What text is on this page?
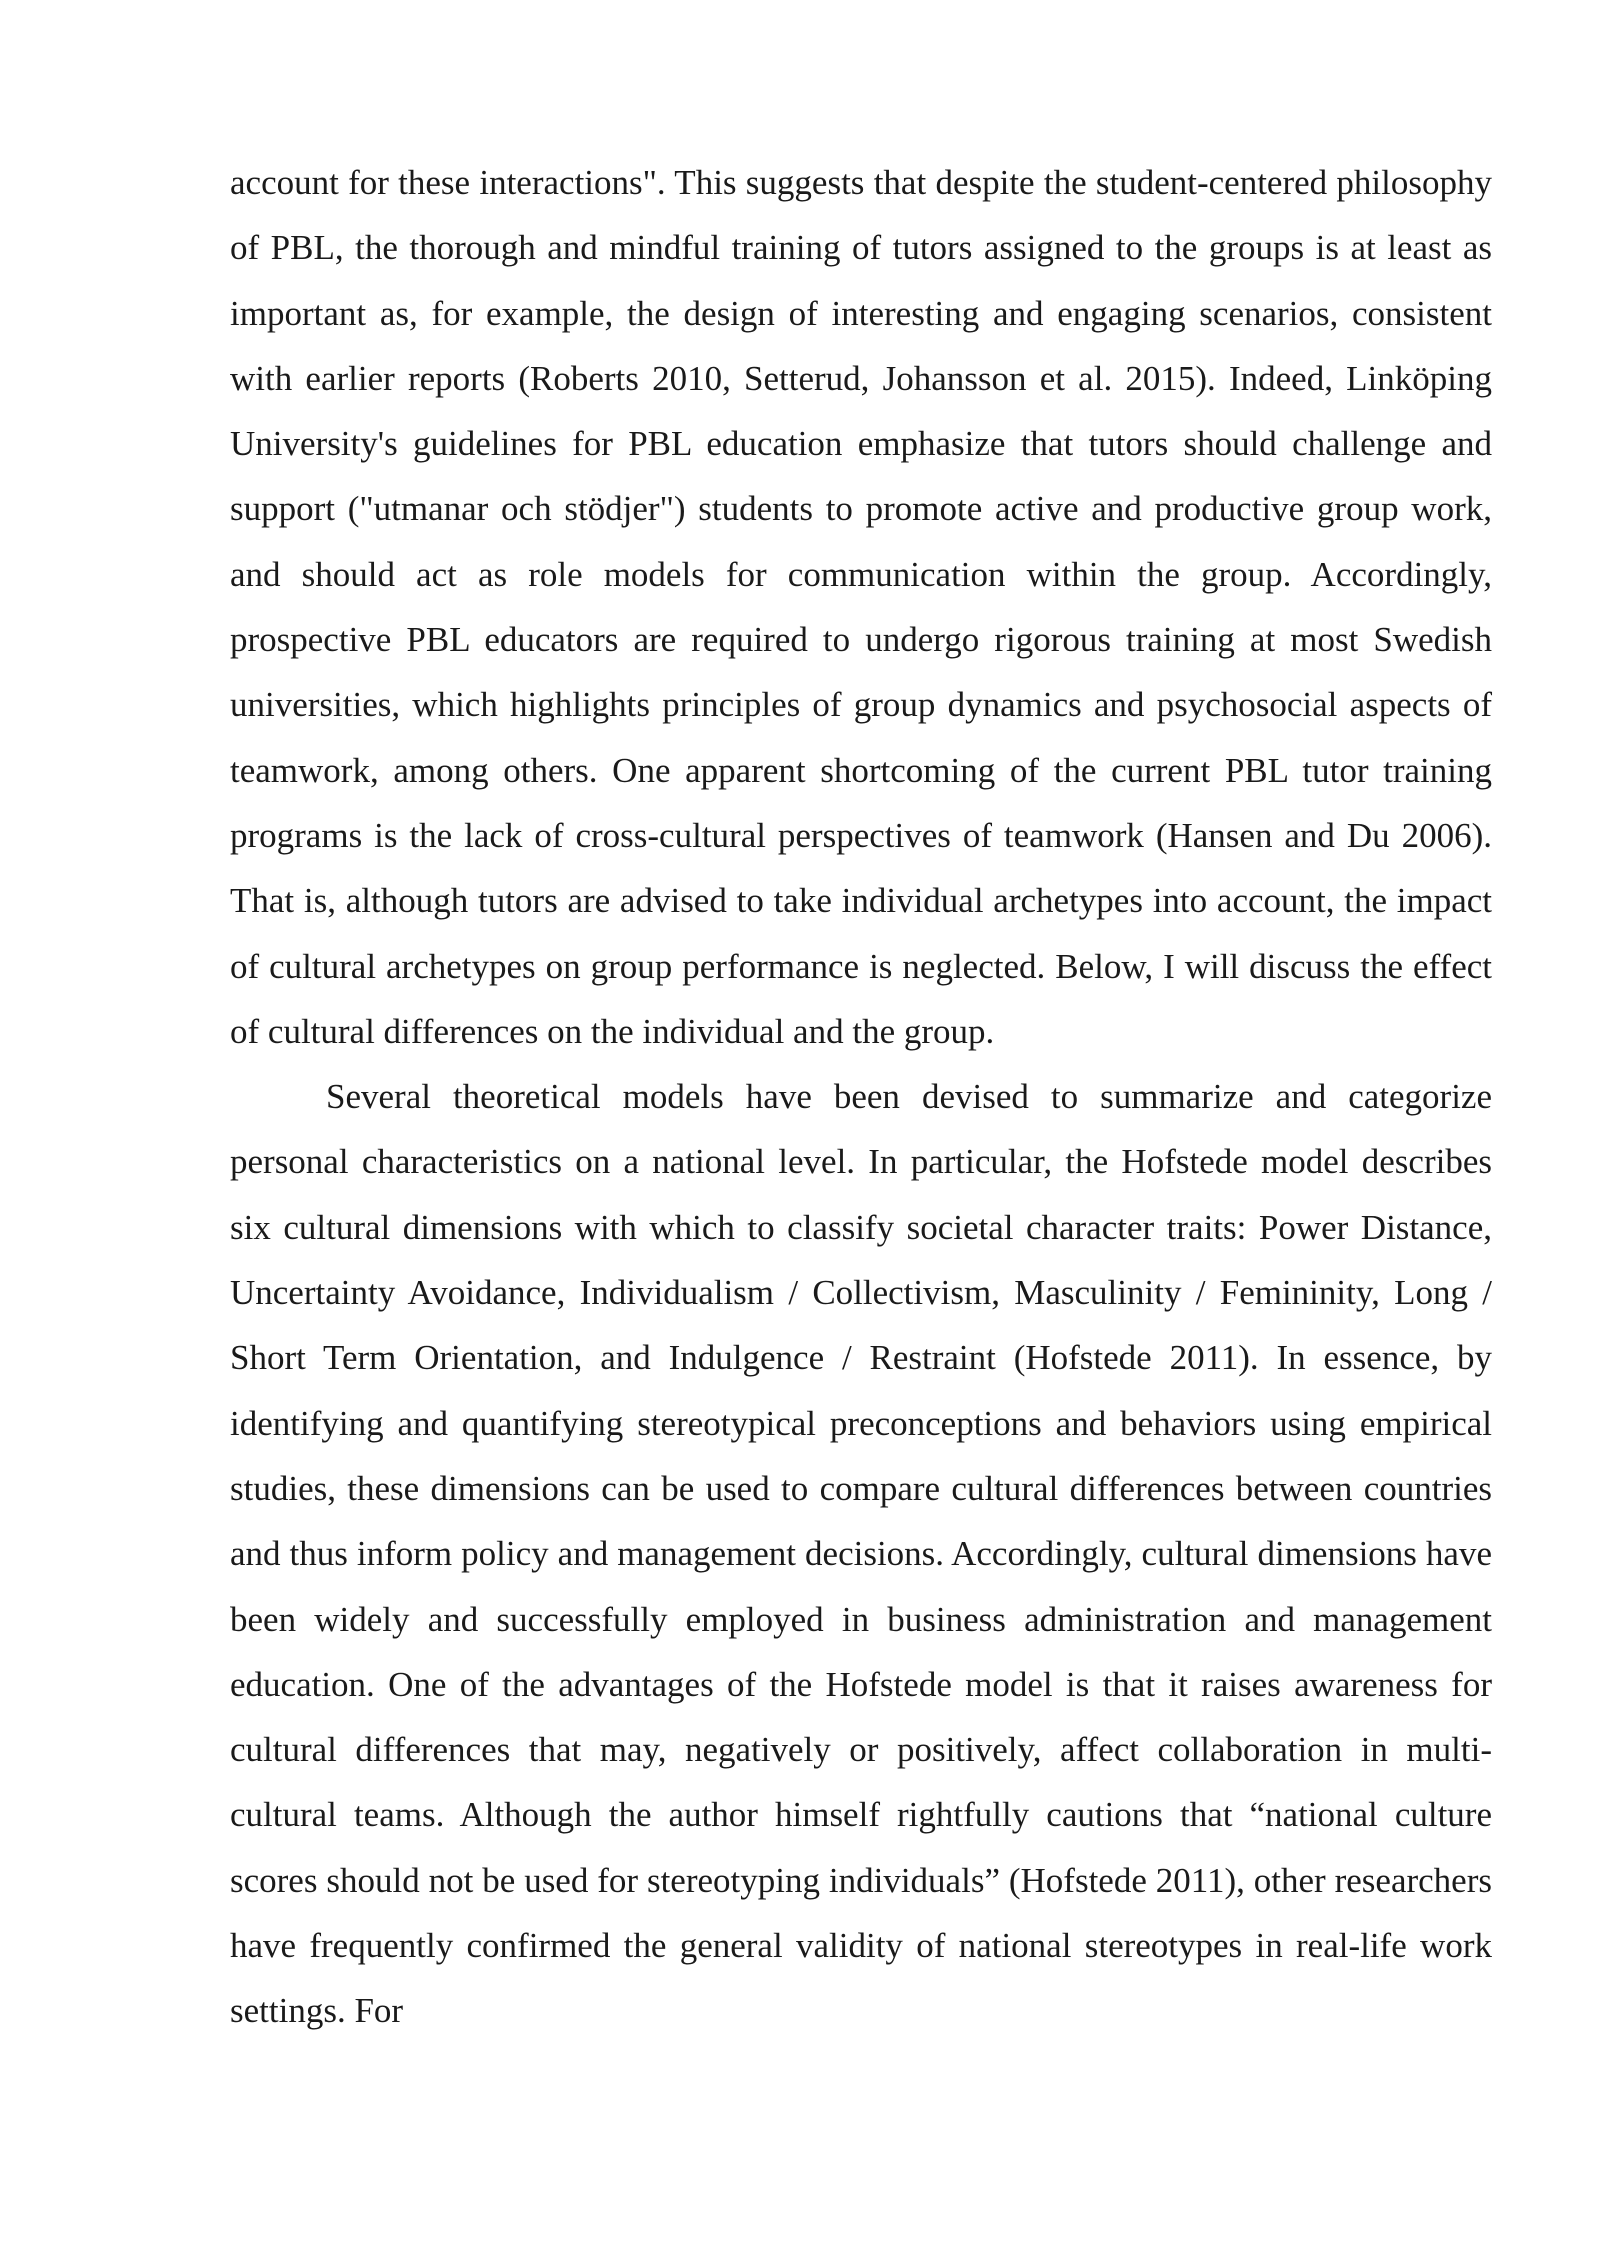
account for these interactions". This suggests that despite the student-centered philosophy of PBL, the thorough and mindful training of tutors assigned to the groups is at least as important as, for example, the design of interesting and engaging scenarios, consistent with earlier reports (Roberts 2010, Setterud, Johansson et al. 2015). Indeed, Linköping University's guidelines for PBL education emphasize that tutors should challenge and support ("utmanar och stödjer") students to promote active and productive group work, and should act as role models for communication within the group. Accordingly, prospective PBL educators are required to undergo rigorous training at most Swedish universities, which highlights principles of group dynamics and psychosocial aspects of teamwork, among others. One apparent shortcoming of the current PBL tutor training programs is the lack of cross-cultural perspectives of teamwork (Hansen and Du 2006). That is, although tutors are advised to take individual archetypes into account, the impact of cultural archetypes on group performance is neglected. Below, I will discuss the effect of cultural differences on the individual and the group.

Several theoretical models have been devised to summarize and categorize personal characteristics on a national level. In particular, the Hofstede model describes six cultural dimensions with which to classify societal character traits: Power Distance, Uncertainty Avoidance, Individualism / Collectivism, Masculinity / Femininity, Long / Short Term Orientation, and Indulgence / Restraint (Hofstede 2011). In essence, by identifying and quantifying stereotypical preconceptions and behaviors using empirical studies, these dimensions can be used to compare cultural differences between countries and thus inform policy and management decisions. Accordingly, cultural dimensions have been widely and successfully employed in business administration and management education. One of the advantages of the Hofstede model is that it raises awareness for cultural differences that may, negatively or positively, affect collaboration in multi-cultural teams. Although the author himself rightfully cautions that “national culture scores should not be used for stereotyping individuals” (Hofstede 2011), other researchers have frequently confirmed the general validity of national stereotypes in real-life work settings. For
